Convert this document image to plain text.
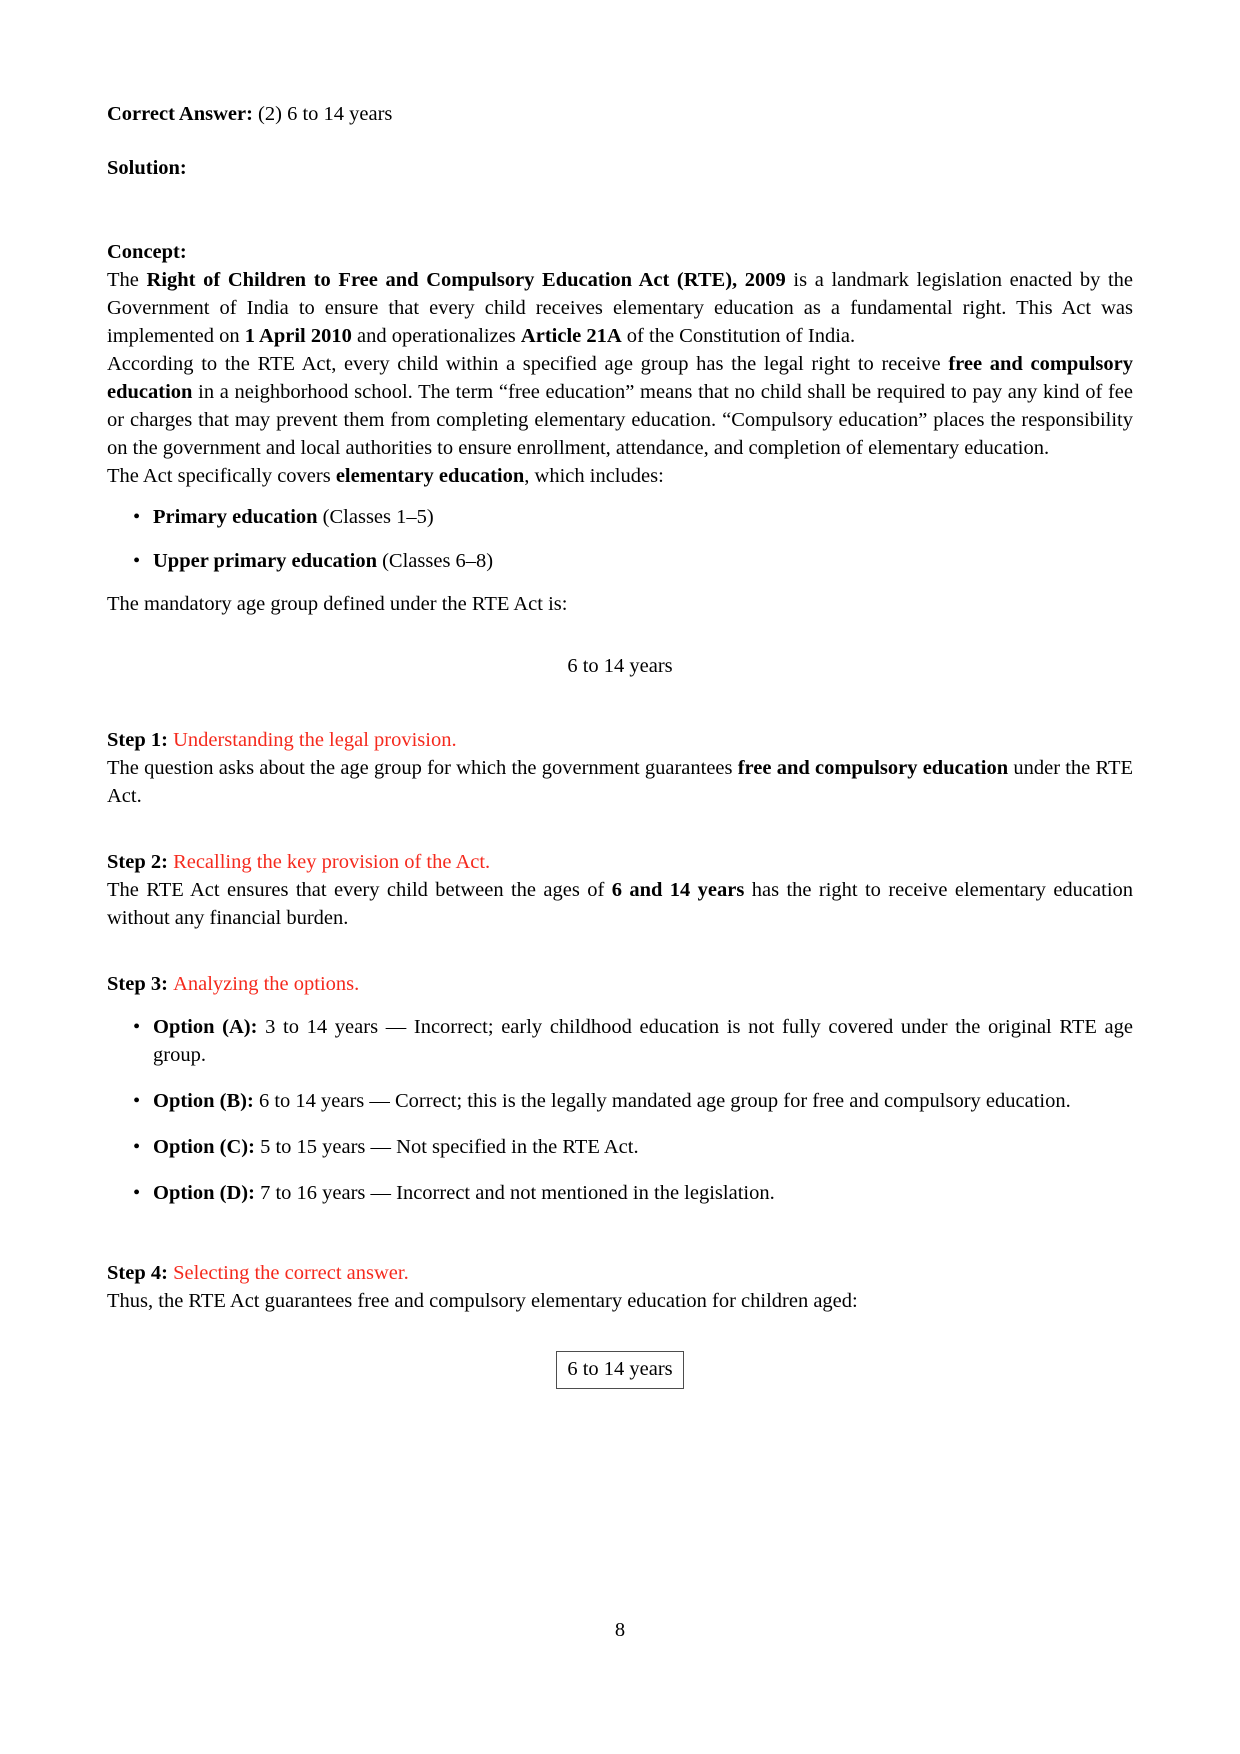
Correct Answer: (2) 6 to 14 years

Solution:

Concept:

The Right of Children to Free and Compulsory Education Act (RTE), 2009 is a landmark legislation enacted by the Government of India to ensure that every child receives elementary education as a fundamental right. This Act was implemented on 1 April 2010 and operationalizes Article 21A of the Constitution of India.

According to the RTE Act, every child within a specified age group has the legal right to receive free and compulsory education in a neighborhood school. The term “free education” means that no child shall be required to pay any kind of fee or charges that may prevent them from completing elementary education. “Compulsory education” places the responsibility on the government and local authorities to ensure enrollment, attendance, and completion of elementary education.

The Act specifically covers elementary education, which includes:

• Primary education (Classes 1–5)
• Upper primary education (Classes 6–8)

The mandatory age group defined under the RTE Act is:

6 to 14 years

Step 1: Understanding the legal provision.

The question asks about the age group for which the government guarantees free and compulsory education under the RTE Act.

Step 2: Recalling the key provision of the Act.

The RTE Act ensures that every child between the ages of 6 and 14 years has the right to receive elementary education without any financial burden.

Step 3: Analyzing the options.

• Option (A): 3 to 14 years — Incorrect; early childhood education is not fully covered under the original RTE age group.
• Option (B): 6 to 14 years — Correct; this is the legally mandated age group for free and compulsory education.
• Option (C): 5 to 15 years — Not specified in the RTE Act.
• Option (D): 7 to 16 years — Incorrect and not mentioned in the legislation.

Step 4: Selecting the correct answer.

Thus, the RTE Act guarantees free and compulsory elementary education for children aged:

6 to 14 years
8
